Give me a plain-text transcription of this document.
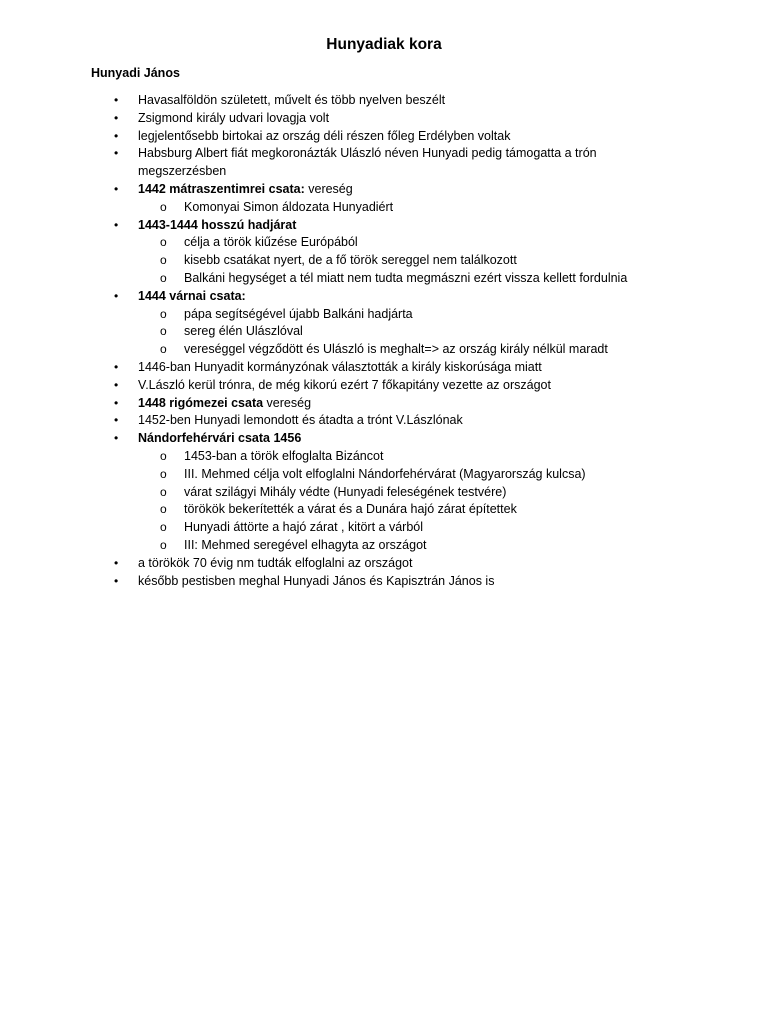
Hunyadiak kora
Hunyadi János
• Havasalföldön született, művelt és több nyelven beszélt
• Zsigmond király udvari lovagja volt
• legjelentősebb birtokai az ország déli részen főleg Erdélyben voltak
• Habsburg Albert fiát megkoronázták Ulászló néven Hunyadi pedig támogatta a trón megszerzésben
• 1442 mátraszentimrei csata: vereség
o Komonyai Simon áldozata Hunyadiért
• 1443-1444 hosszú hadjárat
o célja a török kiűzése Európából
o kisebb csatákat nyert, de a fő török sereggel nem találkozott
o Balkáni hegységet a tél miatt nem tudta megmászni ezért vissza kellett fordulnia
• 1444 várnai csata:
o pápa segítségével újabb Balkáni hadjárta
o sereg élén Ulászlóval
o vereséggel végződött és Ulászló is meghalt=> az ország király nélkül maradt
• 1446-ban Hunyadit kormányzónak választották a király kiskorúsága miatt
• V.László kerül trónra, de még kikorú ezért 7 főkapitány vezette az országot
• 1448 rigómezei csata vereség
• 1452-ben Hunyadi lemondott és átadta a trónt V.Lászlónak
• Nándorfehérvári csata 1456
o 1453-ban a török elfoglalta Bizáncot
o III. Mehmed célja volt elfoglalni Nándorfehérvárat (Magyarország kulcsa)
o várat szilágyi Mihály védte (Hunyadi feleségének testvére)
o törökök bekerítették a várat és a Dunára hajó zárat építettek
o Hunyadi áttörte a hajó zárat , kitört a várból
o III: Mehmed seregével elhagyta az országot
• a törökök 70 évig nm tudták elfoglalni az országot
• később pestisben meghal Hunyadi János és Kapisztrán János is
